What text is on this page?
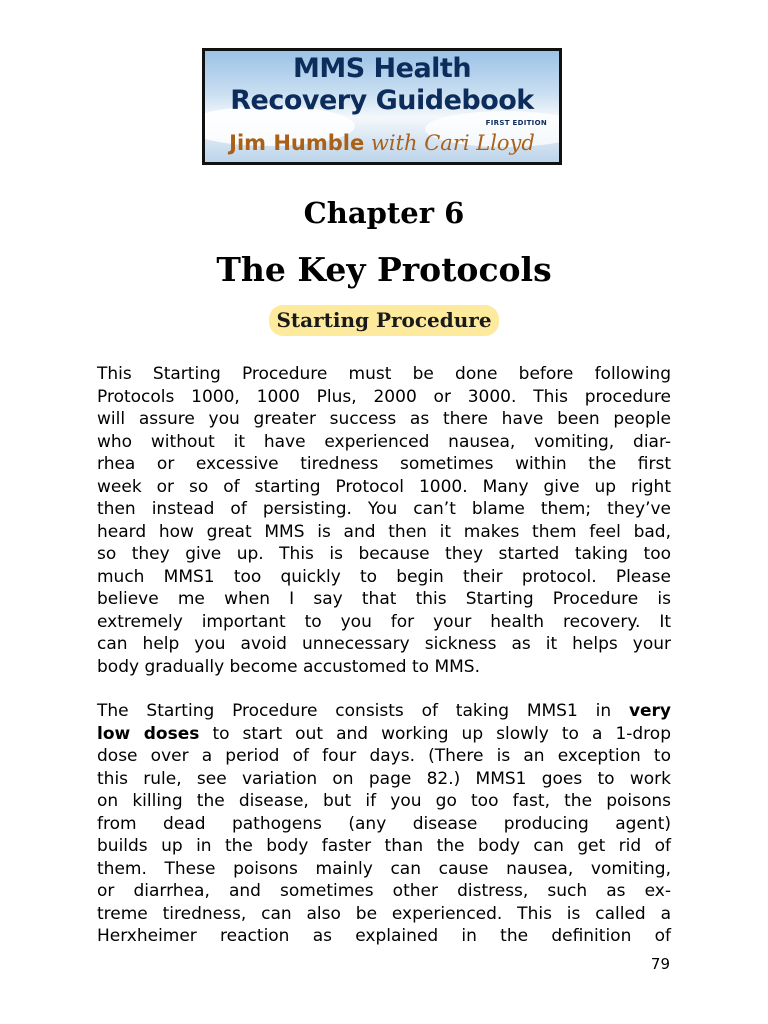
MMS Health
Recovery Guidebook
FIRST EDITION
Jim Humble with Cari Lloyd
Chapter 6
The Key Protocols
Starting Procedure

This Starting Procedure must be done before following
Protocols 1000, 1000 Plus, 2000 or 3000. This procedure
will assure you greater success as there have been people
who without it have experienced nausea, vomiting, diar-
rhea or excessive tiredness sometimes within the first
week or so of starting Protocol 1000. Many give up right
then instead of persisting. You can’t blame them; they’ve
heard how great MMS is and then it makes them feel bad,
so they give up. This is because they started taking too
much MMS1 too quickly to begin their protocol. Please
believe me when I say that this Starting Procedure is
extremely important to you for your health recovery. It
can help you avoid unnecessary sickness as it helps your
body gradually become accustomed to MMS.

The Starting Procedure consists of taking MMS1 in very
low doses to start out and working up slowly to a 1-drop
dose over a period of four days. (There is an exception to
this rule, see variation on page 82.) MMS1 goes to work
on killing the disease, but if you go too fast, the poisons
from dead pathogens (any disease producing agent)
builds up in the body faster than the body can get rid of
them. These poisons mainly can cause nausea, vomiting,
or diarrhea, and sometimes other distress, such as ex-
treme tiredness, can also be experienced. This is called a
Herxheimer reaction as explained in the definition of

79
